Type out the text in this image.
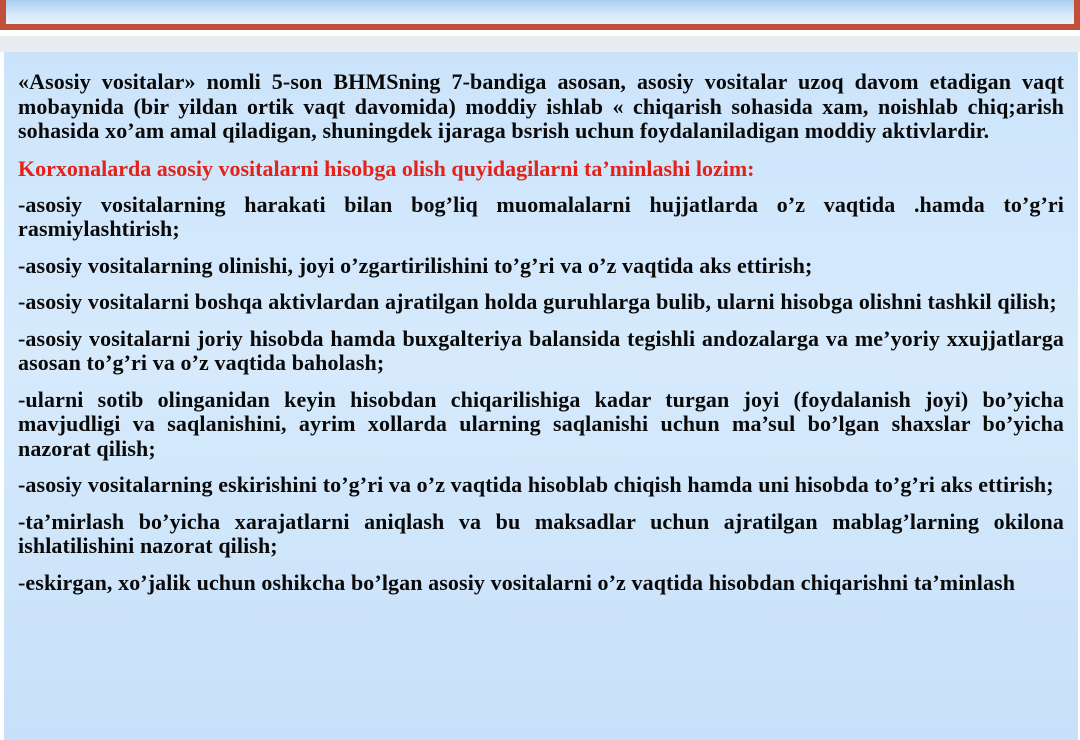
«Asosiy vositalar» nomli 5-son BHMSning 7-bandiga asosan, asosiy vositalar uzoq davom etadigan vaqt mobaynida (bir yildan ortik vaqt davomida) moddiy ishlab « chiqarish sohasida xam, noishlab chiq;arish sohasida xo’am amal qiladigan, shuningdek ijaraga bsrish uchun foydalaniladigan moddiy aktivlardir.

Korxonalarda asosiy vositalarni hisobga olish quyidagilarni ta’minlashi lozim:

-asosiy vositalarning harakati bilan bog’liq muomalalarni hujjatlarda o’z vaqtida .hamda to’g’ri rasmiylashtirish;

-asosiy vositalarning olinishi, joyi o’zgartirilishini to’g’ri va o’z vaqtida aks ettirish;

-asosiy vositalarni boshqa aktivlardan ajratilgan holda guruhlarga bulib, ularni hisobga olishni tashkil qilish;

-asosiy vositalarni joriy hisobda hamda buxgalteriya balansida tegishli andozalarga va me’yoriy xxujjatlarga asosan to’g’ri va o’z vaqtida baholash;

-ularni sotib olinganidan keyin hisobdan chiqarilishiga kadar turgan joyi (foydalanish joyi) bo’yicha mavjudligi va saqlanishini, ayrim xollarda ularning saqlanishi uchun ma’sul bo’lgan shaxslar bo’yicha nazorat qilish;

-asosiy vositalarning eskirishini to’g’ri va o’z vaqtida hisoblab chiqish hamda uni hisobda to’g’ri aks ettirish;

-ta’mirlash bo’yicha xarajatlarni aniqlash va bu maksadlar uchun ajratilgan mablag’larning okilona ishlatilishini nazorat qilish;

-eskirgan, xo’jalik uchun oshikcha bo’lgan asosiy vositalarni o’z vaqtida hisobdan chiqarishni ta’minlash
